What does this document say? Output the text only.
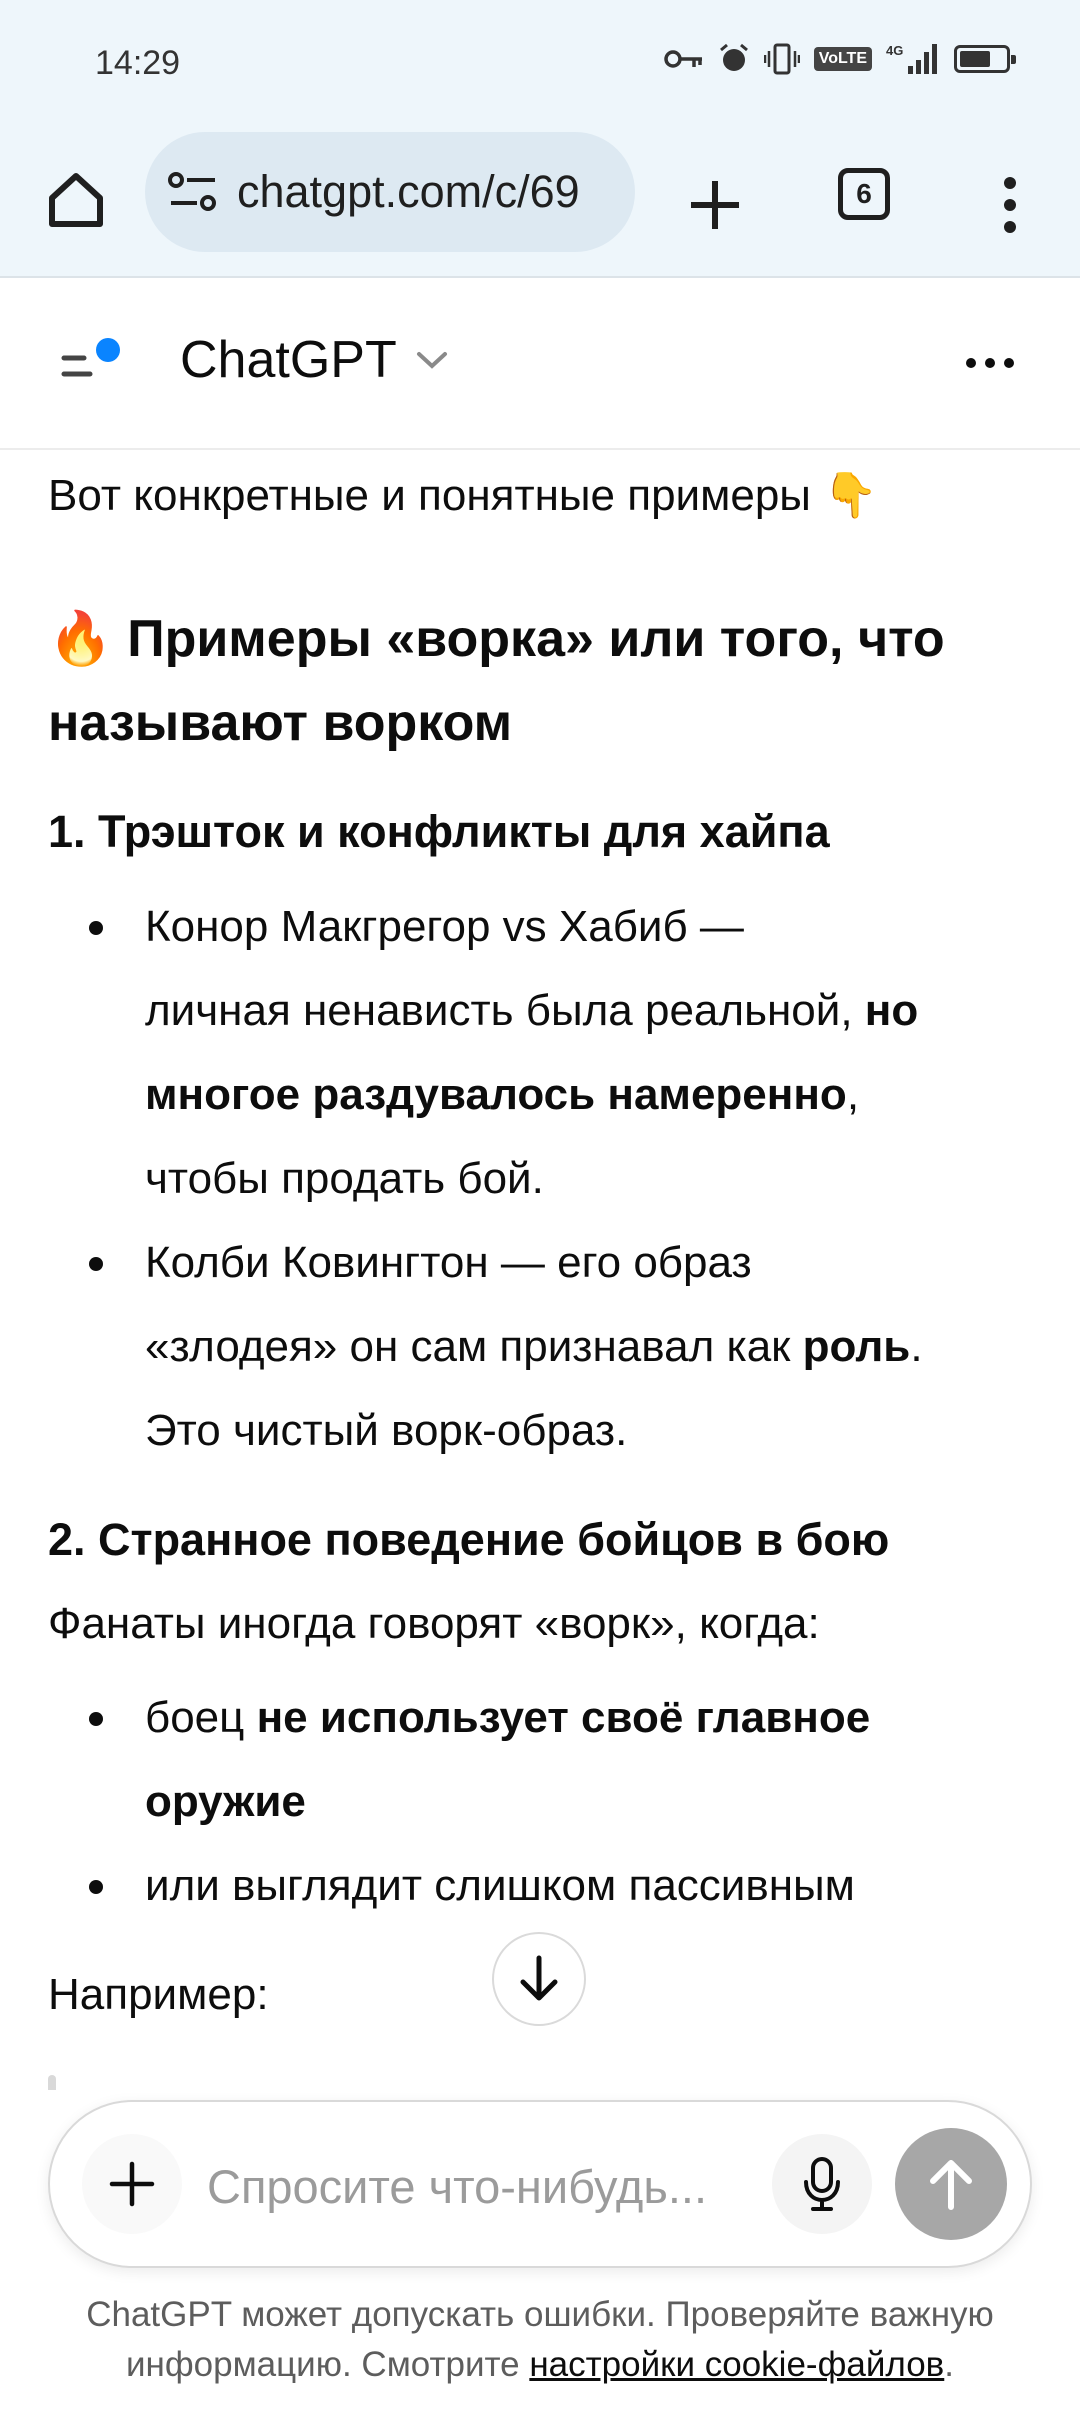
14:29	VoLTE	4G
chatgpt.com/c/69	6
ChatGPT
Вот конкретные и понятные примеры 👇
🔥 Примеры «ворка» или того, что
называют ворком
1. Трэшток и конфликты для хайпа
Конор Макгрегор vs Хабиб —
личная ненависть была реальной, но
многое раздувалось намеренно,
чтобы продать бой.
Колби Ковингтон — его образ
«злодея» он сам признавал как роль.
Это чистый ворк-образ.
2. Странное поведение бойцов в бою
Фанаты иногда говорят «ворк», когда:
боец не использует своё главное
оружие
или выглядит слишком пассивным
Например:
Спросите что-нибудь...
ChatGPT может допускать ошибки. Проверяйте важную
информацию. Смотрите настройки cookie-файлов.
